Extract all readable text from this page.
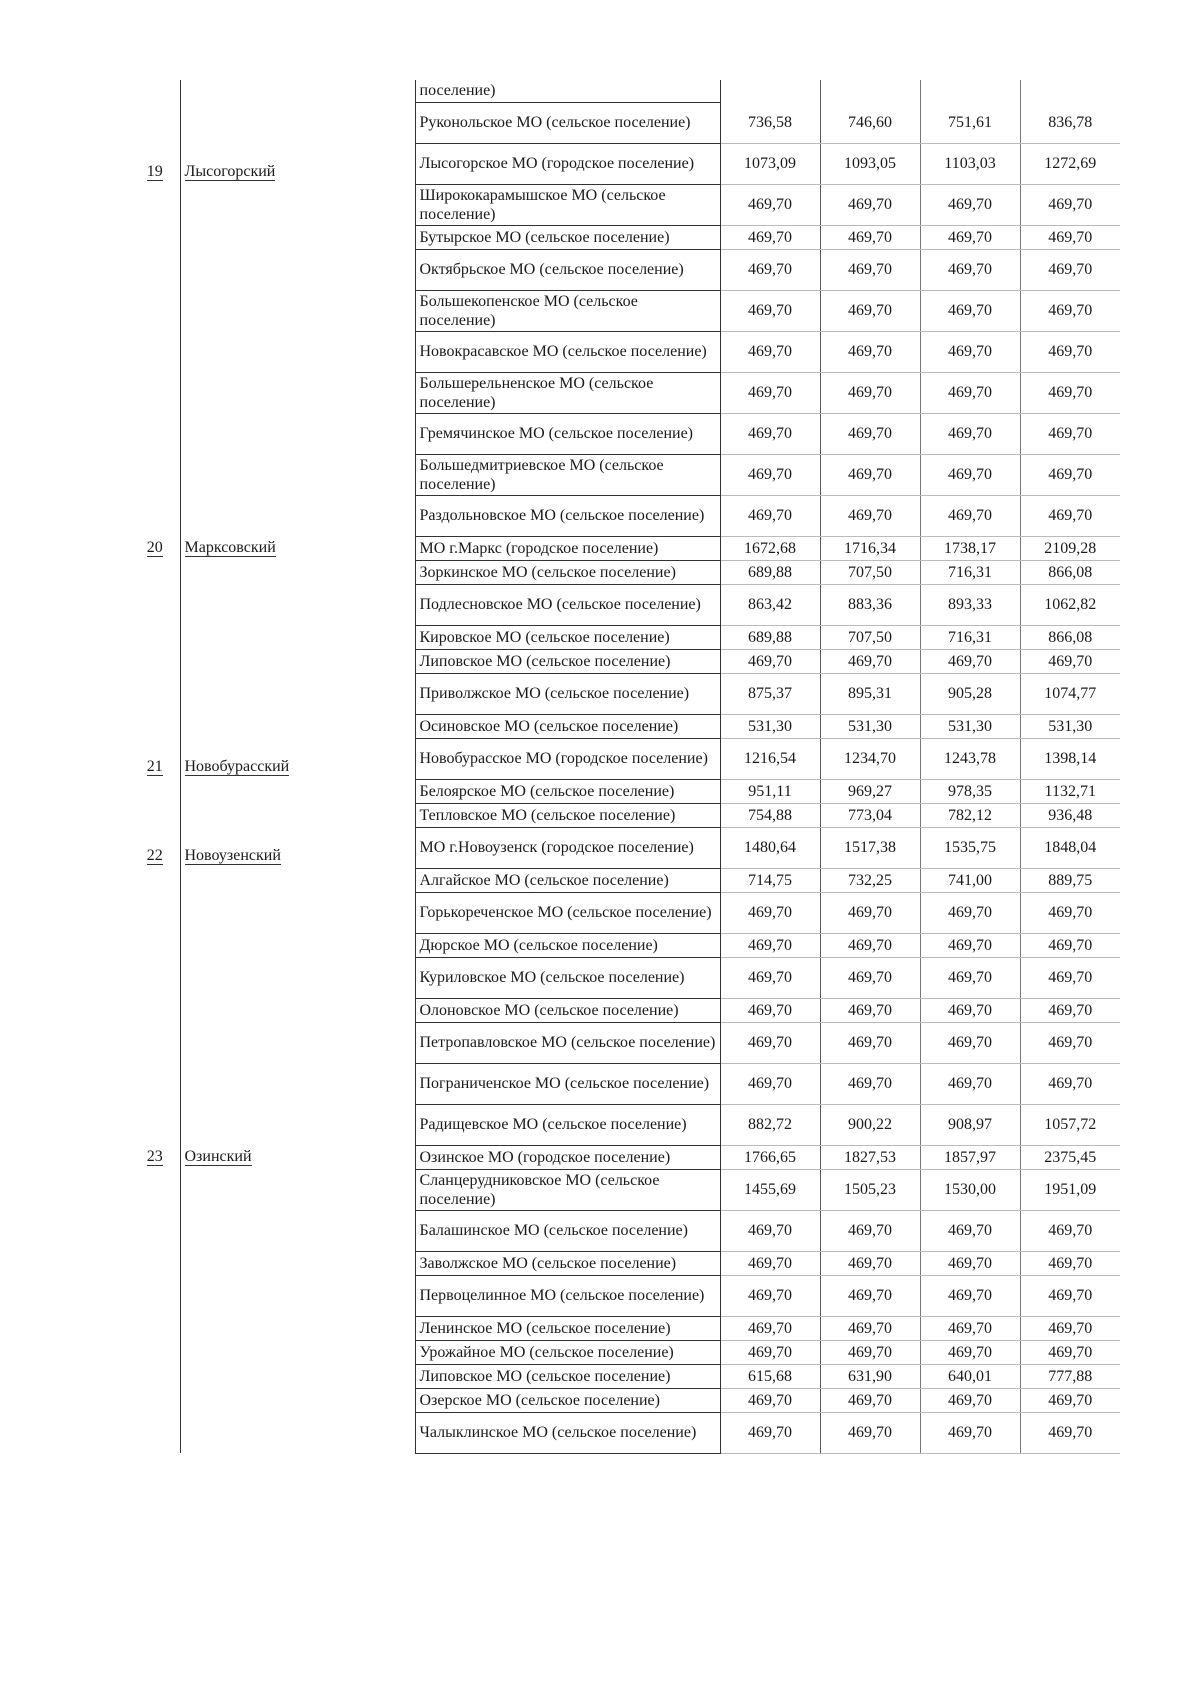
		поселение)				
		Руконольское МО (сельское поселение)	736,58	746,60	751,61	836,78
19	Лысогорский	Лысогорское МО (городское поселение)	1073,09	1093,05	1103,03	1272,69
		Ширококарамышское МО (сельское поселение)	469,70	469,70	469,70	469,70
		Бутырское МО (сельское поселение)	469,70	469,70	469,70	469,70
		Октябрьское МО (сельское поселение)	469,70	469,70	469,70	469,70
		Большекопенское МО (сельское поселение)	469,70	469,70	469,70	469,70
		Новокрасавское МО (сельское поселение)	469,70	469,70	469,70	469,70
		Большерельненское МО (сельское поселение)	469,70	469,70	469,70	469,70
		Гремячинское МО (сельское поселение)	469,70	469,70	469,70	469,70
		Большедмитриевское МО (сельское поселение)	469,70	469,70	469,70	469,70
		Раздольновское МО (сельское поселение)	469,70	469,70	469,70	469,70
20	Марксовский	МО г.Маркс (городское поселение)	1672,68	1716,34	1738,17	2109,28
		Зоркинское МО (сельское поселение)	689,88	707,50	716,31	866,08
		Подлесновское МО (сельское поселение)	863,42	883,36	893,33	1062,82
		Кировское МО (сельское поселение)	689,88	707,50	716,31	866,08
		Липовское МО (сельское поселение)	469,70	469,70	469,70	469,70
		Приволжское МО (сельское поселение)	875,37	895,31	905,28	1074,77
		Осиновское МО (сельское поселение)	531,30	531,30	531,30	531,30
21	Новобурасский	Новобурасское МО (городское поселение)	1216,54	1234,70	1243,78	1398,14
		Белоярское МО (сельское поселение)	951,11	969,27	978,35	1132,71
		Тепловское МО (сельское поселение)	754,88	773,04	782,12	936,48
22	Новоузенский	МО г.Новоузенск (городское поселение)	1480,64	1517,38	1535,75	1848,04
		Алгайское МО (сельское поселение)	714,75	732,25	741,00	889,75
		Горькореченское МО (сельское поселение)	469,70	469,70	469,70	469,70
		Дюрское МО (сельское поселение)	469,70	469,70	469,70	469,70
		Куриловское МО (сельское поселение)	469,70	469,70	469,70	469,70
		Олоновское МО (сельское поселение)	469,70	469,70	469,70	469,70
		Петропавловское МО (сельское поселение)	469,70	469,70	469,70	469,70
		Пограниченское МО (сельское поселение)	469,70	469,70	469,70	469,70
		Радищевское МО (сельское поселение)	882,72	900,22	908,97	1057,72
23	Озинский	Озинское МО (городское поселение)	1766,65	1827,53	1857,97	2375,45
		Сланцерудниковское МО (сельское поселение)	1455,69	1505,23	1530,00	1951,09
		Балашинское МО (сельское поселение)	469,70	469,70	469,70	469,70
		Заволжское МО (сельское поселение)	469,70	469,70	469,70	469,70
		Первоцелинное МО (сельское поселение)	469,70	469,70	469,70	469,70
		Ленинское МО (сельское поселение)	469,70	469,70	469,70	469,70
		Урожайное МО (сельское поселение)	469,70	469,70	469,70	469,70
		Липовское МО (сельское поселение)	615,68	631,90	640,01	777,88
		Озерское МО (сельское поселение)	469,70	469,70	469,70	469,70
		Чалыклинское МО (сельское поселение)	469,70	469,70	469,70	469,70
